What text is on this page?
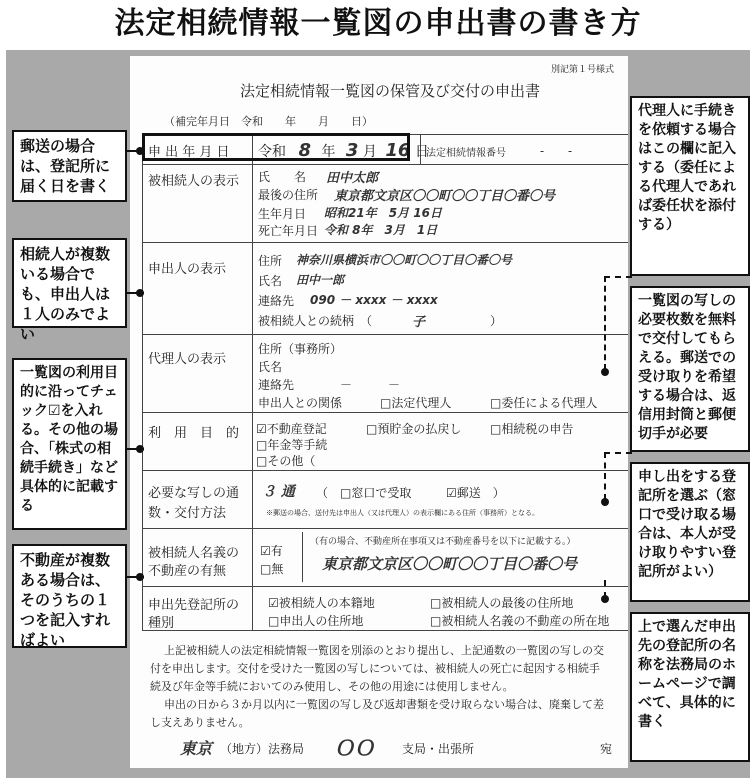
法定相続情報一覧図の申出書の書き方
別記第１号様式
法定相続情報一覧図の保管及び交付の申出書
（補完年月日　令和　　年　　月　　日）
申 出 年 月 日 令和 8 年 3 月 16 日
法定相続情報番号	-　　-
被相続人の表示 氏　　名 田中太郎
最後の住所 東京都文京区〇〇町〇〇丁目〇番〇号
生年月日 昭和21年　5月 16日
死亡年月日 令和 8年　3月　1日
申出人の表示
住所 神奈川県横浜市〇〇町〇〇丁目〇番〇号
氏名 田中一郎
連絡先 090 － xxxx － xxxx
被相続人との続柄　（	子	）
代理人の表示
住所（事務所）
氏名
連絡先	－　　　－
申出人との関係	□法定代理人	□委任による代理人
利　用　目　的 ☑不動産登記	□預貯金の払戻し □相続税の申告
□年金等手続
□その他（
必要な写しの通
数・交付方法
３ 通 （　□窓口で受取	☑郵送　）
※郵送の場合、送付先は申出人（又は代理人）の表示欄にある住所（事務所）となる。
被相続人名義の
不動産の有無
☑有
□無
（有の場合、不動産所在事項又は不動産番号を以下に記載する。）
東京都文京区〇〇町〇〇丁目〇番〇号
申出先登記所の
種別
☑被相続人の本籍地	□被相続人の最後の住所地
□申出人の住所地	□被相続人名義の不動産の所在地
上記被相続人の法定相続情報一覧図を別添のとおり提出し、上記通数の一覧図の写しの交
付を申出します。交付を受けた一覧図の写しについては、被相続人の死亡に起因する相続手
続及び年金等手続においてのみ使用し、その他の用途には使用しません。
申出の日から３か月以内に一覧図の写し及び返却書類を受け取らない場合は、廃棄して差
し支えありません。
東京 （地方）法務局 ＯＯ 支局・出張所	宛
郵送の場合は、登記所に届く日を書く
相続人が複数いる場合でも、申出人は１人のみでよい
一覧図の利用目的に沿ってチェック☑を入れる。その他の場合、「株式の相続手続き」など具体的に記載する
不動産が複数ある場合は、そのうちの１つを記入すればよい
代理人に手続きを依頼する場合はこの欄に記入する（委任による代理人であれば委任状を添付する）
一覧図の写しの必要枚数を無料で交付してもらえる。郵送での受け取りを希望する場合は、返信用封筒と郵便切手が必要
申し出をする登記所を選ぶ（窓口で受け取る場合は、本人が受け取りやすい登記所がよい）
上で選んだ申出先の登記所の名称を法務局のホームページで調べて、具体的に書く
